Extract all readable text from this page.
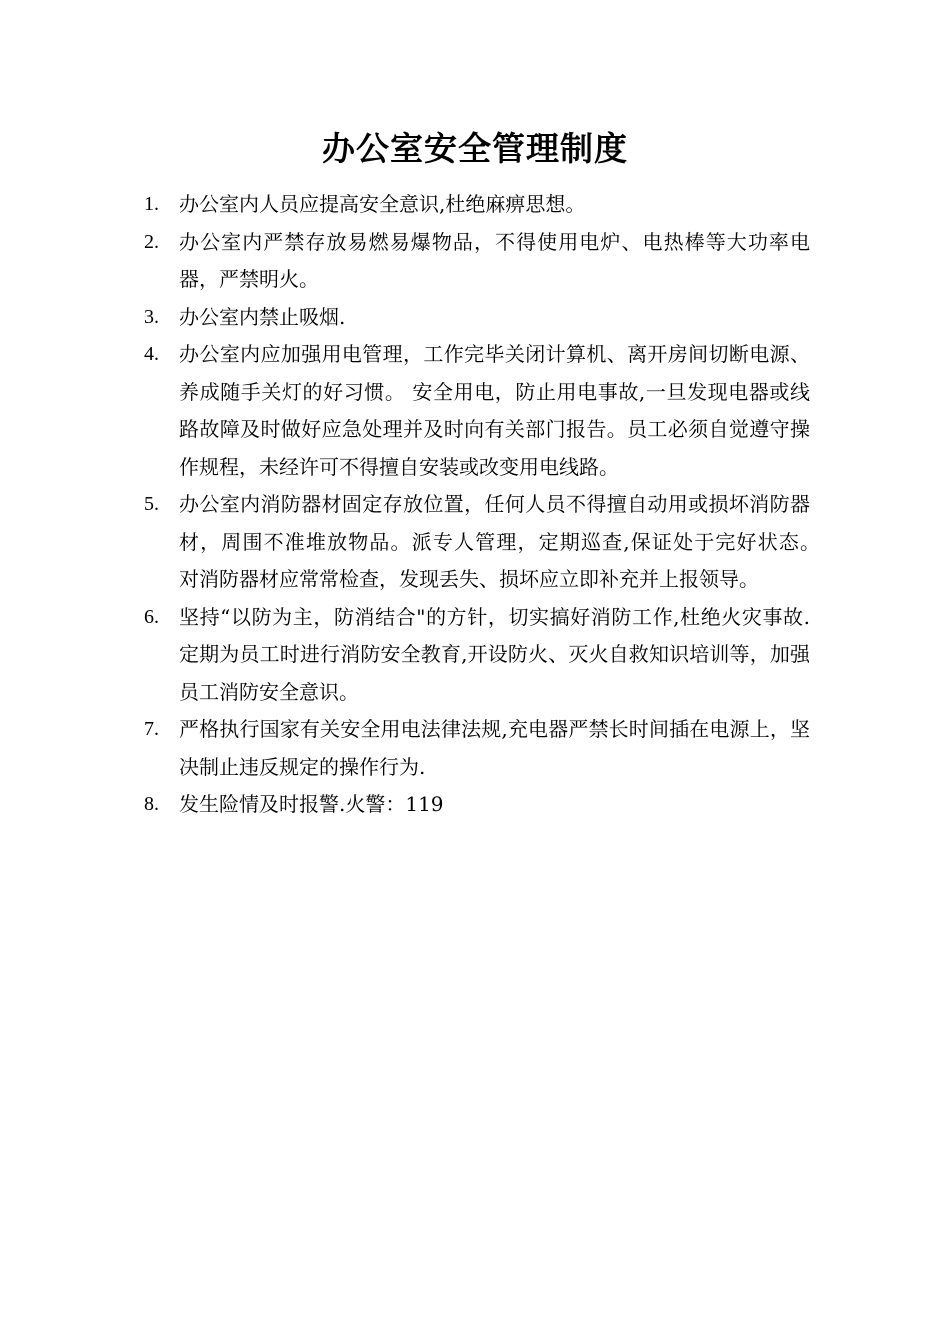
办公室安全管理制度
1.	办公室内人员应提高安全意识,杜绝麻痹思想。
2.	办公室内严禁存放易燃易爆物品，不得使用电炉、电热棒等大功率电器，严禁明火。
3.	办公室内禁止吸烟.
4.	办公室内应加强用电管理，工作完毕关闭计算机、离开房间切断电源、养成随手关灯的好习惯。 安全用电，防止用电事故,一旦发现电器或线路故障及时做好应急处理并及时向有关部门报告。员工必须自觉遵守操作规程，未经许可不得擅自安装或改变用电线路。
5.	办公室内消防器材固定存放位置，任何人员不得擅自动用或损坏消防器材，周围不准堆放物品。派专人管理，定期巡查,保证处于完好状态。　对消防器材应常常检查，发现丢失、损坏应立即补充并上报领导。
6.	坚持“以防为主，防消结合"的方针，切实搞好消防工作,杜绝火灾事故.定期为员工时进行消防安全教育,开设防火、灭火自救知识培训等，加强员工消防安全意识。
7.	严格执行国家有关安全用电法律法规,充电器严禁长时间插在电源上，坚决制止违反规定的操作行为.
8.	发生险情及时报警.火警：119
